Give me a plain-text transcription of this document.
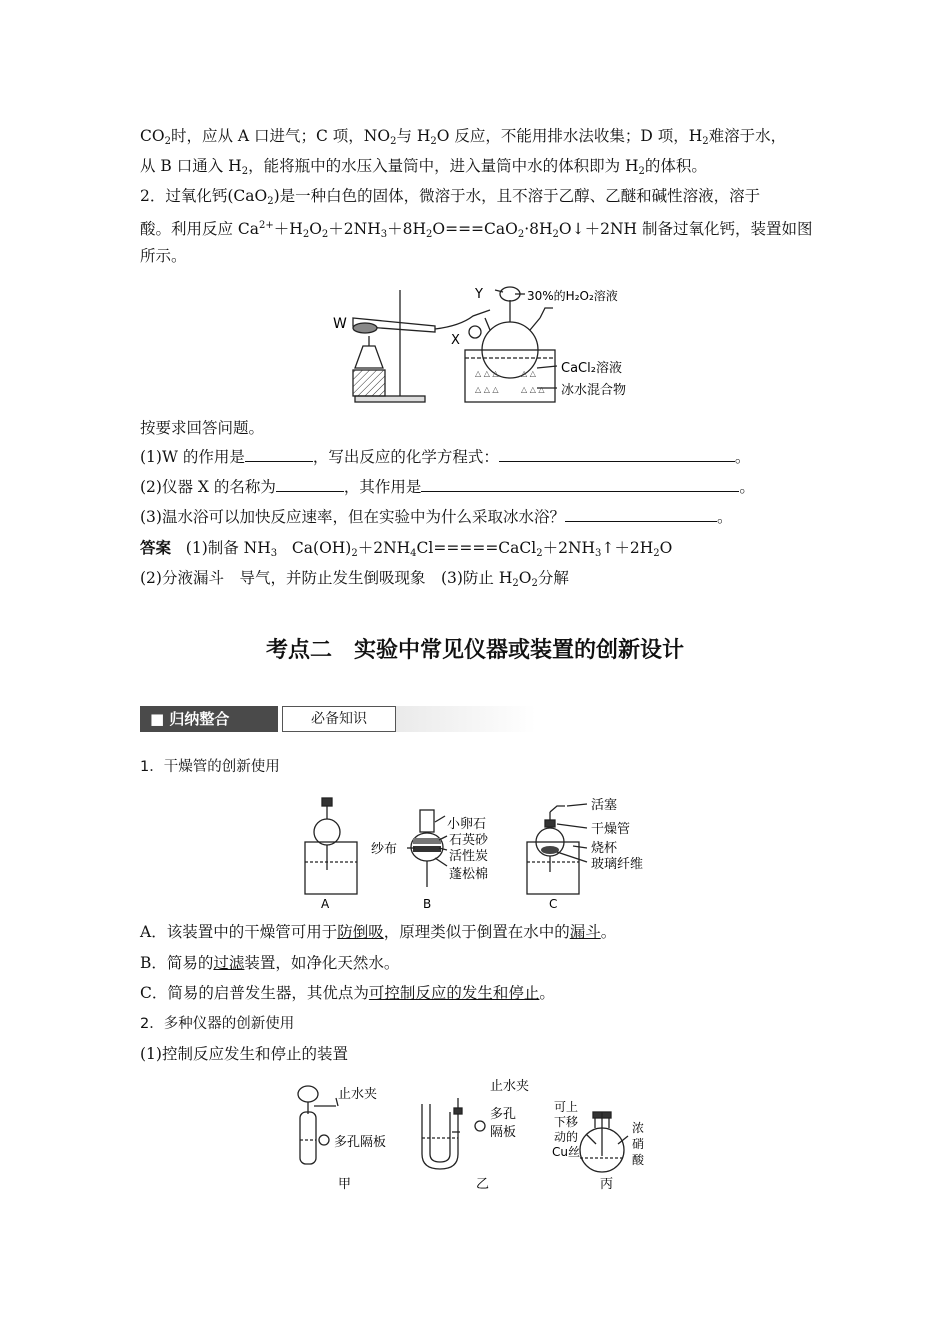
$CO_2$时，应从 A 口进气；C 项，$NO_2$与 $H_2O$ 反应，不能用排水法收集；D 项，$H_2$难溶于水，
从 B 口通入 $H_2$，能将瓶中的水压入量筒中，进入量筒中水的体积即为 $H_2$的体积。
2．过氧化钙(CaO$_2$)是一种白色的固体，微溶于水，且不溶于乙醇、乙醚和碱性溶液，溶于
酸。利用反应 $Ca^{2+}+H_2O_2+2NH_3+8H_2O===CaO_2\cdot 8H_2O↓+2NH$ 制备过氧化钙，装置如图
所示。
△ △ △	△ △
△ △ △	△ △ △
W
X
Y	30%的H₂O₂溶液
CaCl₂溶液
冰水混合物
按要求回答问题。
(1)W 的作用是	，写出反应的化学方程式：	。
(2)仪器 X 的名称为	，其作用是	。
(3)温水浴可以加快反应速率，但在实验中为什么采取冰水浴？	。
答案 (1)制备 $NH_3$ $Ca(OH)_2+2NH_4Cl=====CaCl_2+2NH_3↑+2H_2O$
(2)分液漏斗　导气，并防止发生倒吸现象　(3)防止 $H_2O_2$分解
考点二　实验中常见仪器或装置的创新设计
■ 归纳整合	必备知识
1．干燥管的创新使用
A	B	C
纱布
小卵石
石英砂
活性炭
蓬松棉
活塞
干燥管
烧杯
玻璃纤维
A．该装置中的干燥管可用于防倒吸，原理类似于倒置在水中的漏斗。
B．简易的过滤装置，如净化天然水。
C．简易的启普发生器，其优点为可控制反应的发生和停止。
2．多种仪器的创新使用
(1)控制反应发生和停止的装置
止水夹
多孔隔板
止水夹
多孔
隔板
可上
下移
动的
Cu丝
浓
硝
酸
甲	乙	丙
